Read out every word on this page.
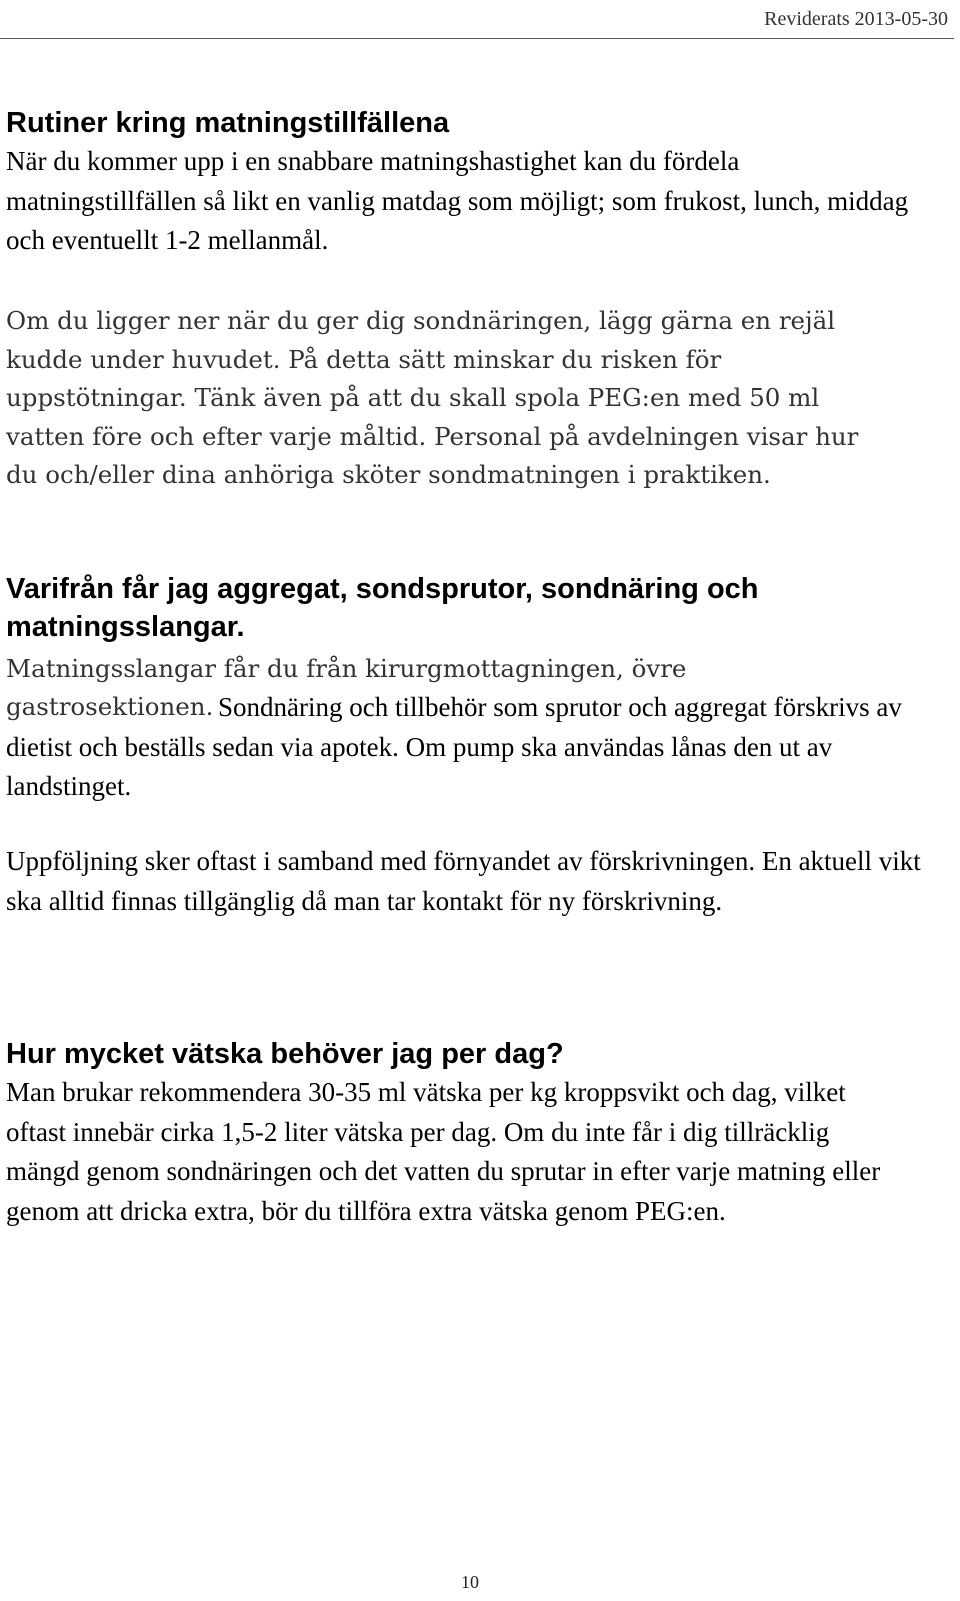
Reviderats 2013-05-30
Rutiner kring matningstillfällena

När du kommer upp i en snabbare matningshastighet kan du fördela matningstillfällen så likt en vanlig matdag som möjligt; som frukost, lunch, middag och eventuellt 1-2 mellanmål.

Om du ligger ner när du ger dig sondnäringen, lägg gärna en rejäl kudde under huvudet. På detta sätt minskar du risken för uppstötningar. Tänk även på att du skall spola PEG:en med 50 ml vatten före och efter varje måltid. Personal på avdelningen visar hur du och/eller dina anhöriga sköter sondmatningen i praktiken.

Varifrån får jag aggregat, sondsprutor, sondnäring och matningsslangar.

Matningsslangar får du från kirurgmottagningen, övre gastrosektionen. Sondnäring och tillbehör som sprutor och aggregat förskrivs av dietist och beställs sedan via apotek. Om pump ska användas lånas den ut av landstinget.

Uppföljning sker oftast i samband med förnyandet av förskrivningen. En aktuell vikt ska alltid finnas tillgänglig då man tar kontakt för ny förskrivning.

Hur mycket vätska behöver jag per dag?

Man brukar rekommendera 30-35 ml vätska per kg kroppsvikt och dag, vilket oftast innebär cirka 1,5-2 liter vätska per dag. Om du inte får i dig tillräcklig mängd genom sondnäringen och det vatten du sprutar in efter varje matning eller genom att dricka extra, bör du tillföra extra vätska genom PEG:en.

10
